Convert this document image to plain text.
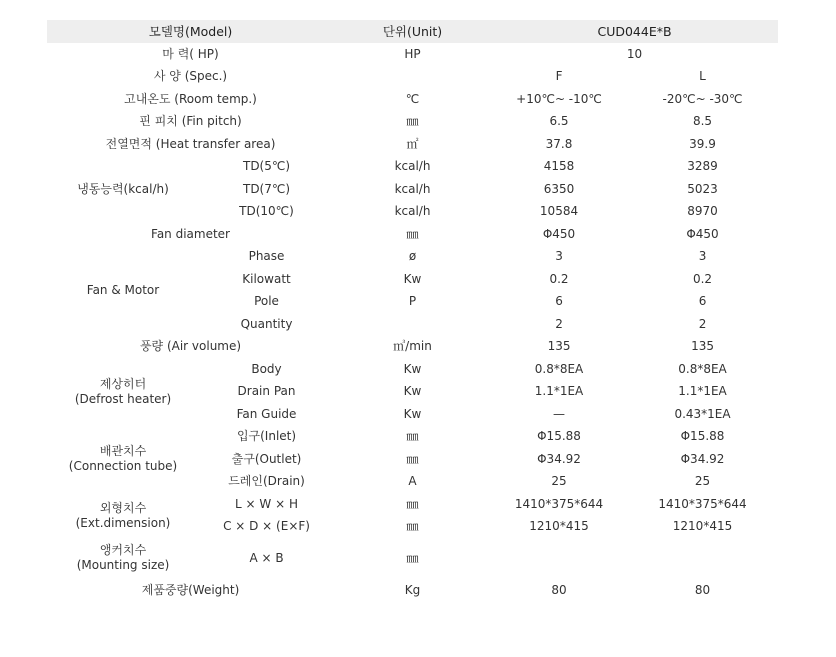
모델명(Model)		단위(Unit)	CUD044E*B	
마 력( HP)		HP	10	
사 양 (Spec.)			F	L
고내온도 (Room temp.)		℃	+10℃~ -10℃	-20℃~ -30℃
핀 피치 (Fin pitch)		㎜	6.5	8.5
전열면적 (Heat transfer area)		㎡	37.8	39.9
냉동능력(kcal/h)	TD(5℃)	kcal/h	4158	3289
	TD(7℃)	kcal/h	6350	5023
	TD(10℃)	kcal/h	10584	8970
Fan diameter		㎜	Φ450	Φ450
Fan & Motor	Phase	ø	3	3
	Kilowatt	Kw	0.2	0.2
	Pole	P	6	6
	Quantity		2	2
풍량 (Air volume)		㎥/min	135	135

제상히터
(Defrost heater)	Body	Kw	0.8*8EA	0.8*8EA
	Drain Pan	Kw	1.1*1EA	1.1*1EA
	Fan Guide	Kw	—	0.43*1EA

배관치수
(Connection tube)	입구(Inlet)	㎜	Φ15.88	Φ15.88
	출구(Outlet)	㎜	Φ34.92	Φ34.92
	드레인(Drain)	A	25	25

외형치수
(Ext.dimension)	L × W × H	㎜	1410*375*644	1410*375*644
	C × D × (E×F)	㎜	1210*415	1210*415

앵커치수
(Mounting size)	A × B	㎜		
제품중량(Weight)		Kg	80	80
